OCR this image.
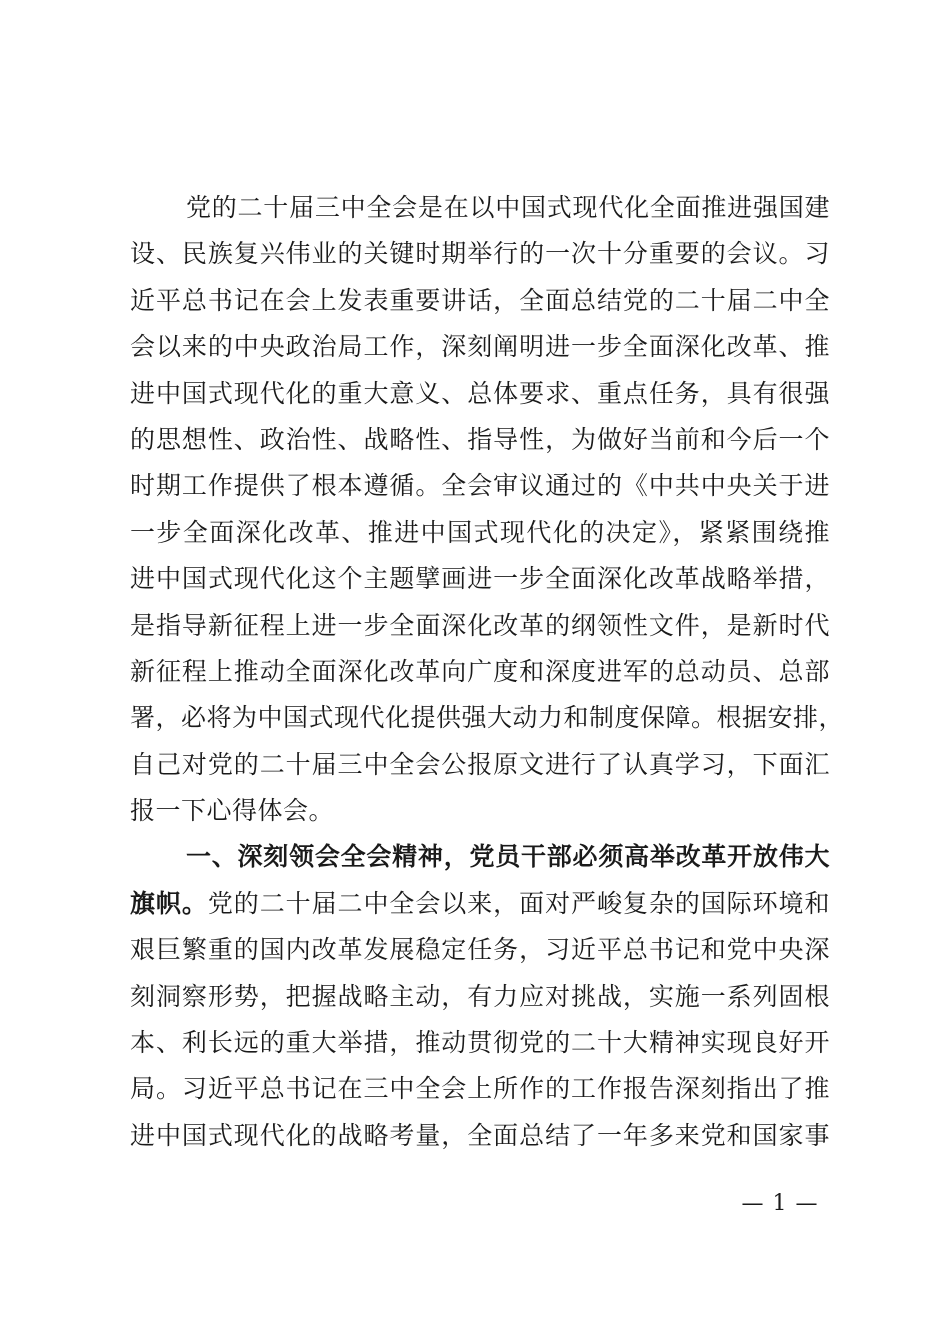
党的二十届三中全会是在以中国式现代化全面推进强国建
设、民族复兴伟业的关键时期举行的一次十分重要的会议。习
近平总书记在会上发表重要讲话，全面总结党的二十届二中全
会以来的中央政治局工作，深刻阐明进一步全面深化改革、推
进中国式现代化的重大意义、总体要求、重点任务，具有很强
的思想性、政治性、战略性、指导性，为做好当前和今后一个
时期工作提供了根本遵循。全会审议通过的《中共中央关于进
一步全面深化改革、推进中国式现代化的决定》，紧紧围绕推
进中国式现代化这个主题擘画进一步全面深化改革战略举措，
是指导新征程上进一步全面深化改革的纲领性文件，是新时代
新征程上推动全面深化改革向广度和深度进军的总动员、总部
署，必将为中国式现代化提供强大动力和制度保障。根据安排，
自己对党的二十届三中全会公报原文进行了认真学习，下面汇
报一下心得体会。
一、深刻领会全会精神，党员干部必须高举改革开放伟大
旗帜。党的二十届二中全会以来，面对严峻复杂的国际环境和
艰巨繁重的国内改革发展稳定任务，习近平总书记和党中央深
刻洞察形势，把握战略主动，有力应对挑战，实施一系列固根
本、利长远的重大举措，推动贯彻党的二十大精神实现良好开
局。习近平总书记在三中全会上所作的工作报告深刻指出了推
进中国式现代化的战略考量，全面总结了一年多来党和国家事
— 1 —
